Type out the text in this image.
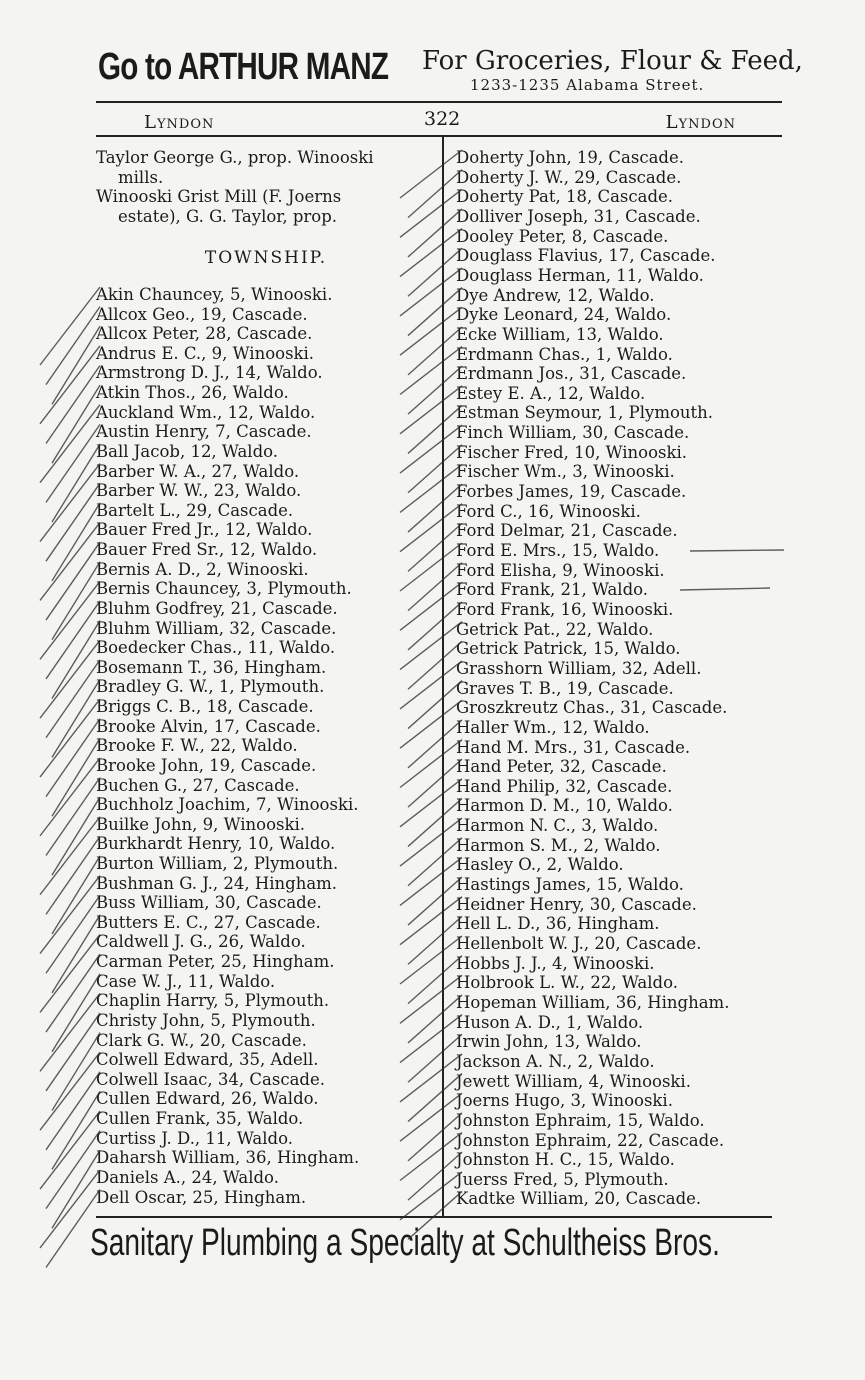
Go to ARTHUR MANZ For Groceries, Flour & Feed,
1233-1235 Alabama Street.
Lyndon	322	Lyndon
Taylor George G., prop. Winooski
mills.
Winooski Grist Mill (F. Joerns
estate), G. G. Taylor, prop.
TOWNSHIP.
Akin Chauncey, 5, Winooski.
Allcox Geo., 19, Cascade.
Allcox Peter, 28, Cascade.
Andrus E. C., 9, Winooski.
Armstrong D. J., 14, Waldo.
Atkin Thos., 26, Waldo.
Auckland Wm., 12, Waldo.
Austin Henry, 7, Cascade.
Ball Jacob, 12, Waldo.
Barber W. A., 27, Waldo.
Barber W. W., 23, Waldo.
Bartelt L., 29, Cascade.
Bauer Fred Jr., 12, Waldo.
Bauer Fred Sr., 12, Waldo.
Bernis A. D., 2, Winooski.
Bernis Chauncey, 3, Plymouth.
Bluhm Godfrey, 21, Cascade.
Bluhm William, 32, Cascade.
Boedecker Chas., 11, Waldo.
Bosemann T., 36, Hingham.
Bradley G. W., 1, Plymouth.
Briggs C. B., 18, Cascade.
Brooke Alvin, 17, Cascade.
Brooke F. W., 22, Waldo.
Brooke John, 19, Cascade.
Buchen G., 27, Cascade.
Buchholz Joachim, 7, Winooski.
Builke John, 9, Winooski.
Burkhardt Henry, 10, Waldo.
Burton William, 2, Plymouth.
Bushman G. J., 24, Hingham.
Buss William, 30, Cascade.
Butters E. C., 27, Cascade.
Caldwell J. G., 26, Waldo.
Carman Peter, 25, Hingham.
Case W. J., 11, Waldo.
Chaplin Harry, 5, Plymouth.
Christy John, 5, Plymouth.
Clark G. W., 20, Cascade.
Colwell Edward, 35, Adell.
Colwell Isaac, 34, Cascade.
Cullen Edward, 26, Waldo.
Cullen Frank, 35, Waldo.
Curtiss J. D., 11, Waldo.
Daharsh William, 36, Hingham.
Daniels A., 24, Waldo.
Dell Oscar, 25, Hingham.
Doherty John, 19, Cascade.
Doherty J. W., 29, Cascade.
Doherty Pat, 18, Cascade.
Dolliver Joseph, 31, Cascade.
Dooley Peter, 8, Cascade.
Douglass Flavius, 17, Cascade.
Douglass Herman, 11, Waldo.
Dye Andrew, 12, Waldo.
Dyke Leonard, 24, Waldo.
Ecke William, 13, Waldo.
Erdmann Chas., 1, Waldo.
Erdmann Jos., 31, Cascade.
Estey E. A., 12, Waldo.
Estman Seymour, 1, Plymouth.
Finch William, 30, Cascade.
Fischer Fred, 10, Winooski.
Fischer Wm., 3, Winooski.
Forbes James, 19, Cascade.
Ford C., 16, Winooski.
Ford Delmar, 21, Cascade.
Ford E. Mrs., 15, Waldo.
Ford Elisha, 9, Winooski.
Ford Frank, 21, Waldo.
Ford Frank, 16, Winooski.
Getrick Pat., 22, Waldo.
Getrick Patrick, 15, Waldo.
Grasshorn William, 32, Adell.
Graves T. B., 19, Cascade.
Groszkreutz Chas., 31, Cascade.
Haller Wm., 12, Waldo.
Hand M. Mrs., 31, Cascade.
Hand Peter, 32, Cascade.
Hand Philip, 32, Cascade.
Harmon D. M., 10, Waldo.
Harmon N. C., 3, Waldo.
Harmon S. M., 2, Waldo.
Hasley O., 2, Waldo.
Hastings James, 15, Waldo.
Heidner Henry, 30, Cascade.
Hell L. D., 36, Hingham.
Hellenbolt W. J., 20, Cascade.
Hobbs J. J., 4, Winooski.
Holbrook L. W., 22, Waldo.
Hopeman William, 36, Hingham.
Huson A. D., 1, Waldo.
Irwin John, 13, Waldo.
Jackson A. N., 2, Waldo.
Jewett William, 4, Winooski.
Joerns Hugo, 3, Winooski.
Johnston Ephraim, 15, Waldo.
Johnston Ephraim, 22, Cascade.
Johnston H. C., 15, Waldo.
Juerss Fred, 5, Plymouth.
Kadtke William, 20, Cascade.
Sanitary Plumbing a Specialty at Schultheiss Bros.
